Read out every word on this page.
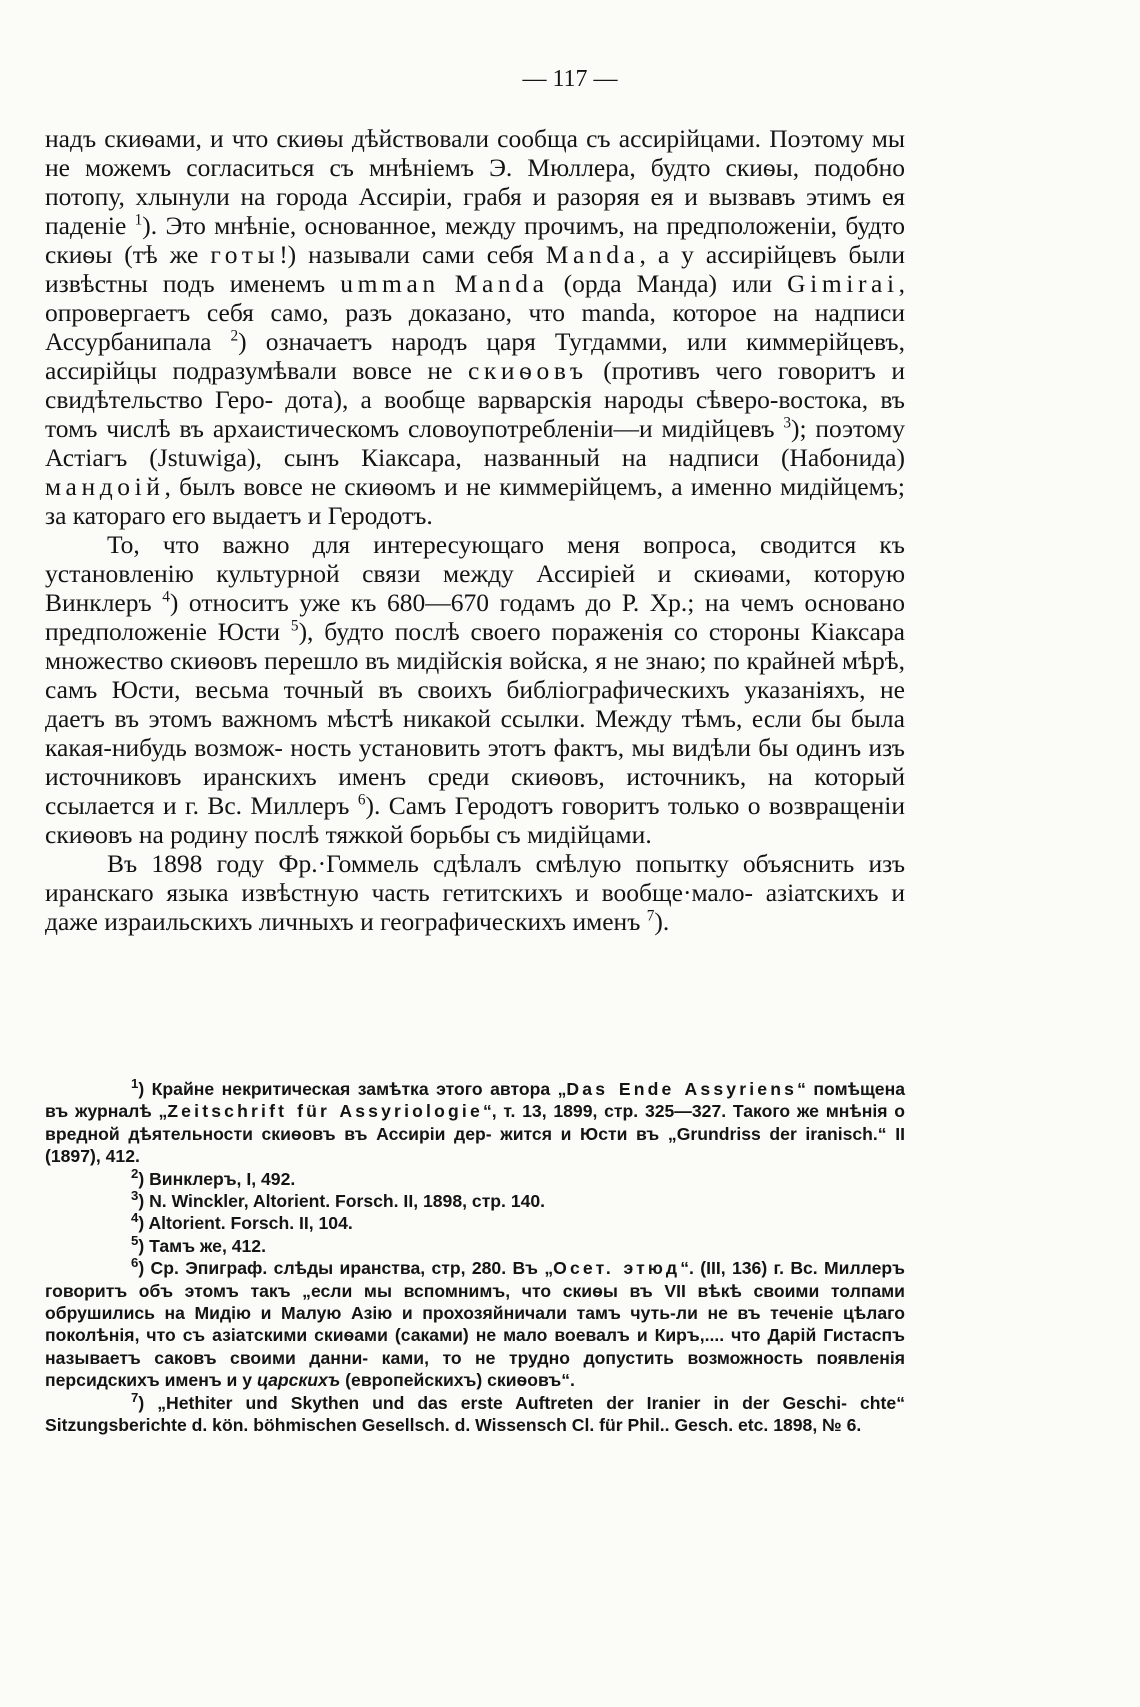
— 117 —

надъ скиѳами, и что скиѳы дѣйствовали сообща съ ассирійцами. Поэтому мы не можемъ согласиться съ мнѣніемъ Э. Мюллера, будто скиѳы, подобно потопу, хлынули на города Ассиріи, грабя и разоряя ея и вызвавъ этимъ ея паденіе $^1$). Это мнѣніе, основанное, между прочимъ, на предположеніи, будто скиѳы (тѣ же готы!) называли сами себя Manda, а у ассирійцевъ были извѣстны подъ именемъ umman Manda (орда Манда) или Gimirai, опровергаетъ себя само, разъ доказано, что manda, которое на надписи Ассурбанипала $^2$) означаетъ народъ царя Тугдамми, или киммерійцевъ, ассирійцы подразумѣвали вовсе не скиѳовъ (противъ чего говоритъ и свидѣтельство Геро- дота), а вообще варварскія народы сѣверо-востока, въ томъ числѣ въ архаистическомъ словоупотребленіи—и мидійцевъ $^3$); поэтому Астіагъ (Jstuwiga), сынъ Кіаксара, названный на надписи (Набонида) мандоій, былъ вовсе не скиѳомъ и не киммерійцемъ, а именно мидійцемъ; за катораго его выдаетъ и Геродотъ.

То, что важно для интересующаго меня вопроса, сводится къ установленію культурной связи между Ассиріей и скиѳами, которую Винклеръ $^4$) относитъ уже къ 680—670 годамъ до Р. Хр.; на чемъ основано предположеніе Юсти $^5$), будто послѣ своего пораженія со стороны Кіаксара множество скиѳовъ перешло въ мидійскія войска, я не знаю; по крайней мѣрѣ, самъ Юсти, весьма точный въ своихъ библіографическихъ указаніяхъ, не даетъ въ этомъ важномъ мѣстѣ никакой ссылки. Между тѣмъ, если бы была какая-нибудь возмож- ность установить этотъ фактъ, мы видѣли бы одинъ изъ источниковъ иранскихъ именъ среди скиѳовъ, источникъ, на который ссылается и г. Вс. Миллеръ $^6$). Самъ Геродотъ говоритъ только о возвращеніи скиѳовъ на родину послѣ тяжкой борьбы съ мидійцами.

Въ 1898 году Фр.·Гоммель сдѣлалъ смѣлую попытку объяснить изъ иранскаго языка извѣстную часть гетитскихъ и вообще·мало- азіатскихъ и даже израильскихъ личныхъ и географическихъ именъ $^7$).

$^1$) Крайне некритическая замѣтка этого автора „Das Ende Assyriens“ помѣщена въ журналѣ „Zeitschrift für Assyriologie“, т. 13, 1899, стр. 325—327. Такого же мнѣнія о вредной дѣятельности скиѳовъ въ Ассиріи дер- жится и Юсти въ „Grundriss der iranisch.“ II (1897), 412.

$^2$) Винклеръ, I, 492.

$^3$) N. Winckler, Altorient. Forsch. II, 1898, стр. 140.

$^4$) Altorient. Forsch. II, 104.

$^5$) Тамъ же, 412.

$^6$) Ср. Эпиграф. слѣды иранства, стр, 280. Въ „Осет. этюд“. (III, 136) г. Вс. Миллеръ говоритъ объ этомъ такъ „если мы вспомнимъ, что скиѳы въ VII вѣкѣ своими толпами обрушились на Мидію и Малую Азію и прохозяйничали тамъ чуть-ли не въ теченіе цѣлаго поколѣнія, что съ азіатскими скиѳами (саками) не мало воевалъ и Киръ,.... что Дарій Гистаспъ называетъ саковъ своими данни- ками, то не трудно допустить возможность появленія персидскихъ именъ и у царскихъ (европейскихъ) скиѳовъ“.

$^7$) „Hethiter und Skythen und das erste Auftreten der Iranier in der Geschi- chte“ Sitzungsberichte d. kön. böhmischen Gesellsch. d. Wissensch Cl. für Phil.. Gesch. etc. 1898, № 6.
